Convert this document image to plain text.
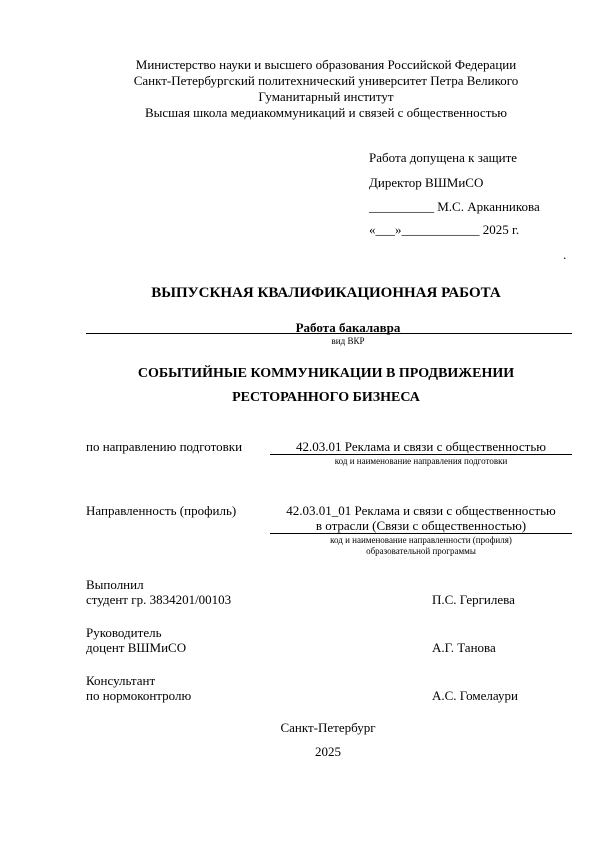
Министерство науки и высшего образования Российской Федерации
Санкт-Петербургский политехнический университет Петра Великого
Гуманитарный институт
Высшая школа медиакоммуникаций и связей с общественностью
Работа допущена к защите
Директор ВШМиСО
__________ М.С. Арканникова
«___»____________ 2025 г.
.
ВЫПУСКНАЯ КВАЛИФИКАЦИОННАЯ РАБОТА
Работа бакалавра
вид ВКР
СОБЫТИЙНЫЕ КОММУНИКАЦИИ В ПРОДВИЖЕНИИ
РЕСТОРАННОГО БИЗНЕСА
по направлению подготовки	42.03.01 Реклама и связи с общественностью
код и наименование направления подготовки
Направленность (профиль)	42.03.01_01 Реклама и связи с общественностью
в отрасли (Связи с общественностью)
код и наименование направленности (профиля)
образовательной программы
Выполнил
студент гр. 3834201/00103	П.С. Гергилева
Руководитель
доцент ВШМиСО	А.Г. Танова
Консультант
по нормоконтролю	А.С. Гомелаури
Санкт-Петербург
2025
